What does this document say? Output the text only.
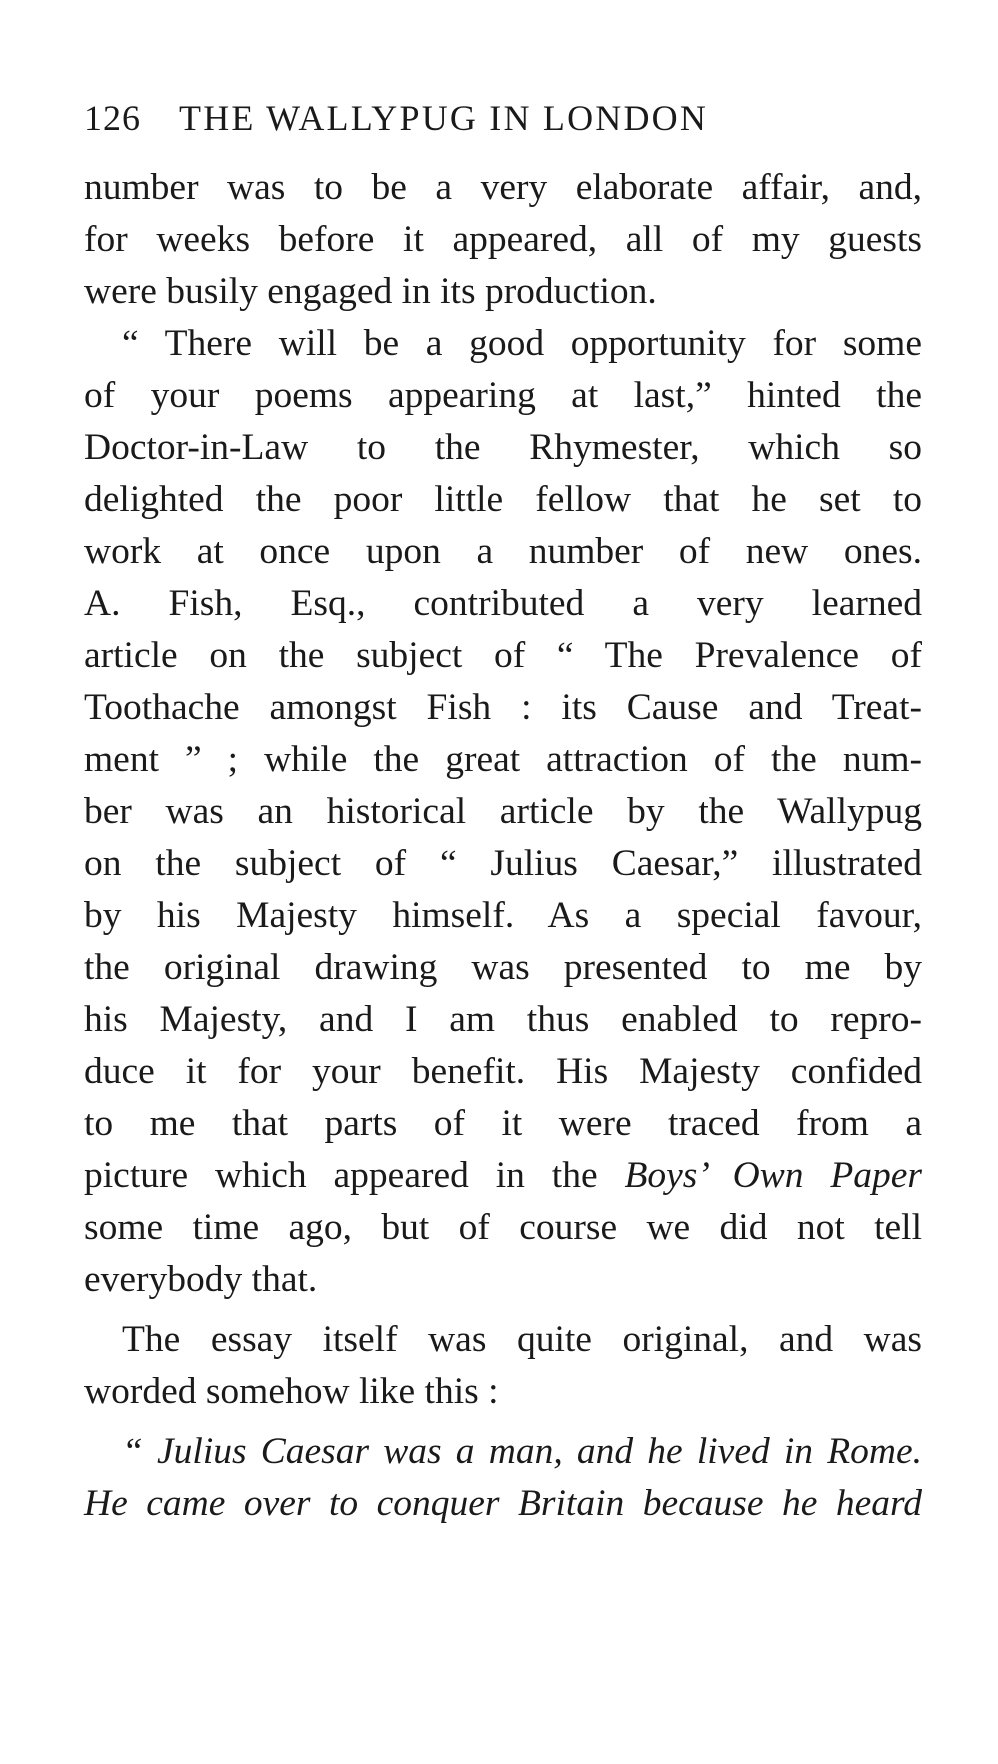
126 THE WALLYPUG IN LONDON
number was to be a very elaborate affair, and,
for weeks before it appeared, all of my guests
were busily engaged in its production.
“ There will be a good opportunity for some
of your poems appearing at last,” hinted the
Doctor-in-Law to the Rhymester, which so
delighted the poor little fellow that he set to
work at once upon a number of new ones.
A. Fish, Esq., contributed a very learned
article on the subject of “ The Prevalence of
Toothache amongst Fish : its Cause and Treat-
ment ” ; while the great attraction of the num-
ber was an historical article by the Wallypug
on the subject of “ Julius Caesar,” illustrated
by his Majesty himself. As a special favour,
the original drawing was presented to me by
his Majesty, and I am thus enabled to repro-
duce it for your benefit. His Majesty confided
to me that parts of it were traced from a
picture which appeared in the Boys’ Own Paper
some time ago, but of course we did not tell
everybody that.
The essay itself was quite original, and was
worded somehow like this :
“ Julius Caesar was a man, and he lived in Rome.
He came over to conquer Britain because he heard
